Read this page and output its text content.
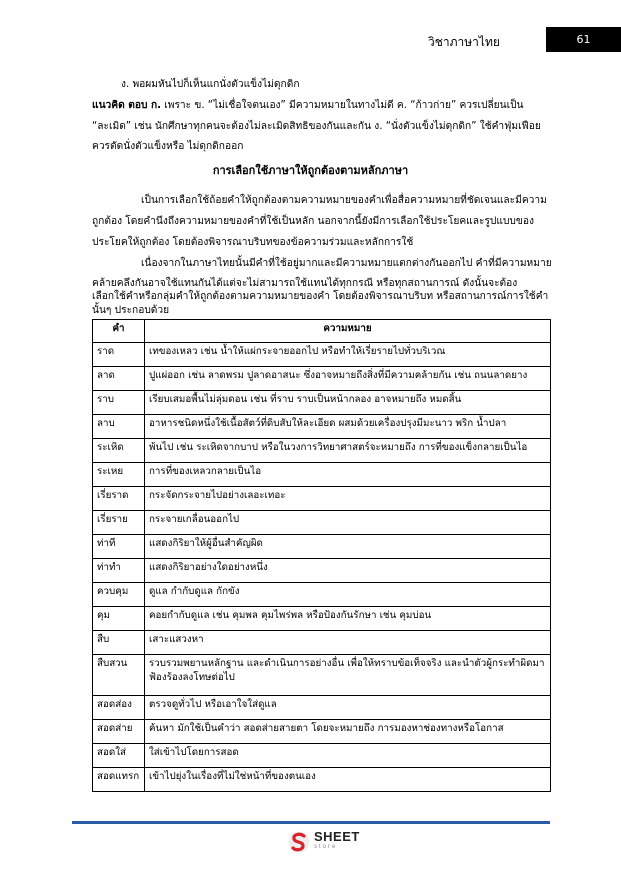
วิชาภาษาไทย	61
ง. พอผมหันไปก็เห็นแกนั่งตัวแข็งไม่ดุกดิก
แนวคิด ตอบ ก. เพราะ ข. “ไม่เชื่อใจตนเอง” มีความหมายในทางไม่ดี ค. “ก้าวก่าย” ควรเปลี่ยนเป็น
“ละเมิด” เช่น นักศึกษาทุกคนจะต้องไม่ละเมิดสิทธิของกันและกัน ง. “นั่งตัวแข็งไม่ดุกดิก” ใช้คำฟุ่มเฟือย
ควรตัดนั่งตัวแข็งหรือ ไม่ดุกดิกออก
การเลือกใช้ภาษาให้ถูกต้องตามหลักภาษา
เป็นการเลือกใช้ถ้อยคำให้ถูกต้องตามความหมายของคำเพื่อสื่อความหมายที่ชัดเจนและมีความ
ถูกต้อง โดยคำนึงถึงความหมายของคำที่ใช้เป็นหลัก นอกจากนี้ยังมีการเลือกใช้ประโยคและรูปแบบของ
ประโยคให้ถูกต้อง โดยต้องพิจารณาบริบทของข้อความร่วมและหลักการใช้
เนื่องจากในภาษาไทยนั้นมีคำที่ใช้อยู่มากและมีความหมายแตกต่างกันออกไป คำที่มีความหมาย
คล้ายคลึงกันอาจใช้แทนกันได้แต่จะไม่สามารถใช้แทนได้ทุกกรณี หรือทุกสถานการณ์ ดังนั้นจะต้อง
เลือกใช้คำหรือกลุ่มคำให้ถูกต้องตามความหมายของคำ โดยต้องพิจารณาบริบท หรือสถานการณ์การใช้คำ
นั้นๆ ประกอบด้วย
คำ	ความหมาย
ราด	เทของเหลว เช่น น้ำให้แผ่กระจายออกไป หรือทำให้เรี่ยรายไปทั่วบริเวณ
ลาด	ปูแผ่ออก เช่น ลาดพรม ปูลาดอาสนะ ซึ่งอาจหมายถึงสิ่งที่มีความคล้ายกัน เช่น ถนนลาดยาง
ราบ	เรียบเสมอพื้นไม่ลุ่มดอน เช่น ที่ราบ ราบเป็นหน้ากลอง อาจหมายถึง หมดสิ้น
ลาบ	อาหารชนิดหนึ่งใช้เนื้อสัตว์ที่ดิบสับให้ละเอียด ผสมด้วยเครื่องปรุงมีมะนาว พริก น้ำปลา
ระเหิด	พ้นไป เช่น ระเหิดจากบาป หรือในวงการวิทยาศาสตร์จะหมายถึง การที่ของแข็งกลายเป็นไอ
ระเหย	การที่ของเหลวกลายเป็นไอ
เรี่ยราด	กระจัดกระจายไปอย่างเลอะเทอะ
เรี่ยราย	กระจายเกลื่อนออกไป
ท่าที	แสดงกิริยาให้ผู้อื่นสำคัญผิด
ท่าทำ	แสดงกิริยาอย่างใดอย่างหนึ่ง
ควบคุม	ดูแล กำกับดูแล กักขัง
คุม	คอยกำกับดูแล เช่น คุมพล คุมไพร่พล หรือป้องกันรักษา เช่น คุมบ่อน
สืบ	เสาะแสวงหา
สืบสวน	รวบรวมพยานหลักฐาน และดำเนินการอย่างอื่น เพื่อให้ทราบข้อเท็จจริง และนำตัวผู้กระทำผิดมาฟ้องร้องลงโทษต่อไป
สอดส่อง	ตรวจดูทั่วไป หรือเอาใจใส่ดูแล
สอดส่าย	ค้นหา มักใช้เป็นคำว่า สอดส่ายสายตา โดยจะหมายถึง การมองหาช่องทางหรือโอกาส
สอดใส่	ใส่เข้าไปโดยการสอด
สอดแทรก	เข้าไปยุ่งในเรื่องที่ไม่ใช่หน้าที่ของตนเอง
SHEET
store
